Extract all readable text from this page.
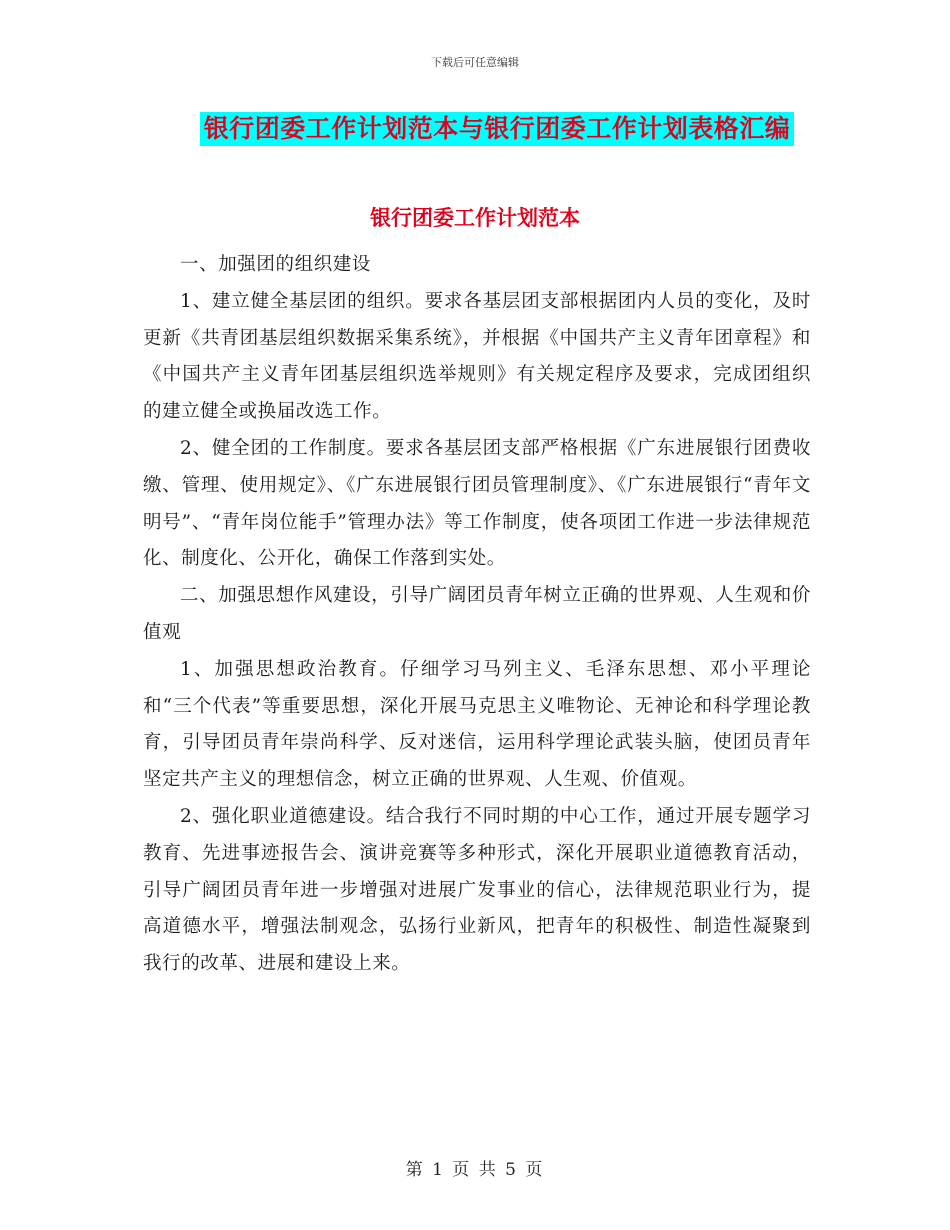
下载后可任意编辑
银行团委工作计划范本与银行团委工作计划表格汇编
银行团委工作计划范本

一、加强团的组织建设

1、建立健全基层团的组织。要求各基层团支部根据团内人员的变化，及时更新《共青团基层组织数据采集系统》，并根据《中国共产主义青年团章程》和《中国共产主义青年团基层组织选举规则》有关规定程序及要求，完成团组织的建立健全或换届改选工作。

2、健全团的工作制度。要求各基层团支部严格根据《广东进展银行团费收缴、管理、使用规定》、《广东进展银行团员管理制度》、《广东进展银行“青年文明号”、“青年岗位能手”管理办法》等工作制度，使各项团工作进一步法律规范化、制度化、公开化，确保工作落到实处。

二、加强思想作风建设，引导广阔团员青年树立正确的世界观、人生观和价值观

1、加强思想政治教育。仔细学习马列主义、毛泽东思想、邓小平理论和“三个代表”等重要思想，深化开展马克思主义唯物论、无神论和科学理论教育，引导团员青年崇尚科学、反对迷信，运用科学理论武装头脑，使团员青年坚定共产主义的理想信念，树立正确的世界观、人生观、价值观。

2、强化职业道德建设。结合我行不同时期的中心工作，通过开展专题学习教育、先进事迹报告会、演讲竞赛等多种形式，深化开展职业道德教育活动，引导广阔团员青年进一步增强对进展广发事业的信心，法律规范职业行为，提高道德水平，增强法制观念，弘扬行业新风，把青年的积极性、制造性凝聚到我行的改革、进展和建设上来。

第 1 页 共 5 页
